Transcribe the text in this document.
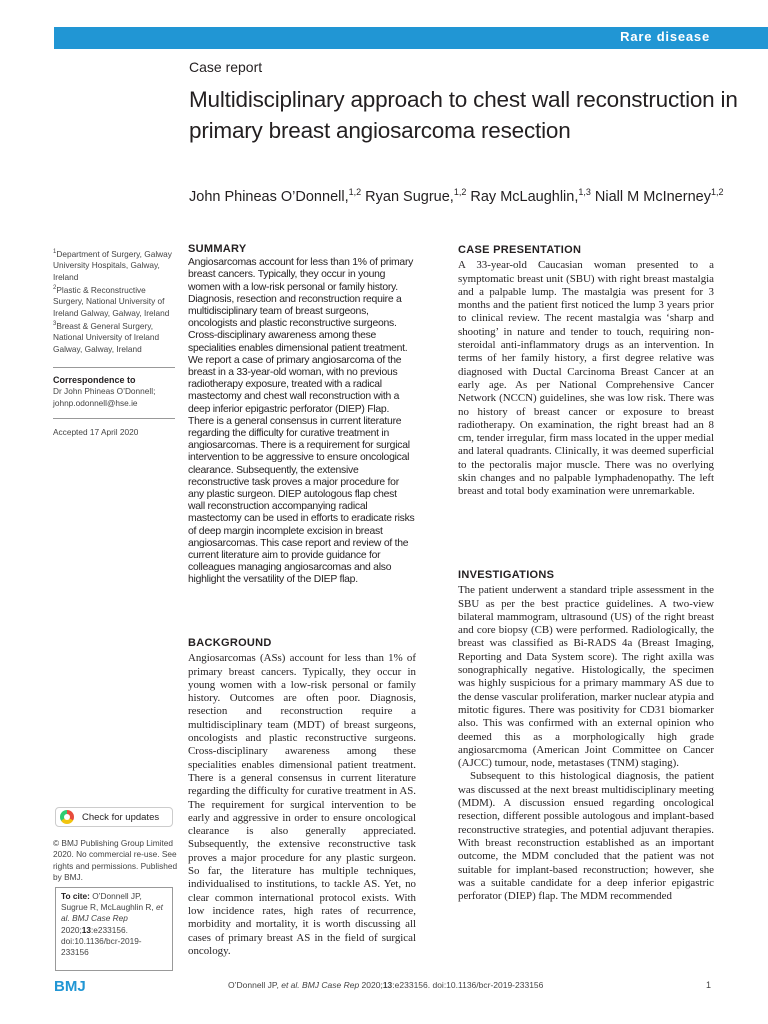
Rare disease
Case report
Multidisciplinary approach to chest wall reconstruction in primary breast angiosarcoma resection
John Phineas O’Donnell,$^{1,2}$ Ryan Sugrue,$^{1,2}$ Ray McLaughlin,$^{1,3}$ Niall M McInerney$^{1,2}$
$^1$Department of Surgery, Galway University Hospitals, Galway, Ireland
$^2$Plastic & Reconstructive Surgery, National University of Ireland Galway, Galway, Ireland
$^3$Breast & General Surgery, National University of Ireland Galway, Galway, Ireland
Correspondence to
Dr John Phineas O’Donnell;
johnp.odonnell@hse.ie
Accepted 17 April 2020
Check for updates
© BMJ Publishing Group Limited 2020. No commercial re-use. See rights and permissions. Published by BMJ.
To cite: O’Donnell JP, Sugrue R, McLaughlin R, et al. BMJ Case Rep 2020;13:e233156. doi:10.1136/bcr-2019-233156
SUMMARY
Angiosarcomas account for less than 1% of primary breast cancers. Typically, they occur in young women with a low-risk personal or family history. Diagnosis, resection and reconstruction require a multidisciplinary team of breast surgeons, oncologists and plastic reconstructive surgeons. Cross-disciplinary awareness among these specialities enables dimensional patient treatment. We report a case of primary angiosarcoma of the breast in a 33-year-old woman, with no previous radiotherapy exposure, treated with a radical mastectomy and chest wall reconstruction with a deep inferior epigastric perforator (DIEP) Flap. There is a general consensus in current literature regarding the difficulty for curative treatment in angiosarcomas. There is a requirement for surgical intervention to be aggressive to ensure oncological clearance. Subsequently, the extensive reconstructive task proves a major procedure for any plastic surgeon. DIEP autologous flap chest wall reconstruction accompanying radical mastectomy can be used in efforts to eradicate risks of deep margin incomplete excision in breast angiosarcomas. This case report and review of the current literature aim to provide guidance for colleagues managing angiosarcomas and also highlight the versatility of the DIEP flap.
BACKGROUND

Angiosarcomas (ASs) account for less than 1% of primary breast cancers. Typically, they occur in young women with a low-risk personal or family history. Outcomes are often poor. Diagnosis, resection and reconstruction require a multidisciplinary team (MDT) of breast surgeons, oncologists and plastic reconstructive surgeons. Cross-disciplinary awareness among these specialities enables dimensional patient treatment. There is a general consensus in current literature regarding the difficulty for curative treatment in AS. The requirement for surgical intervention to be early and aggressive in order to ensure oncological clearance is also generally appreciated. Subsequently, the extensive reconstructive task proves a major procedure for any plastic surgeon. So far, the literature has multiple techniques, individualised to institutions, to tackle AS. Yet, no clear common international protocol exists. With low incidence rates, high rates of recurrence, morbidity and mortality, it is worth discussing all cases of primary breast AS in the field of surgical oncology.

CASE PRESENTATION

A 33-year-old Caucasian woman presented to a symptomatic breast unit (SBU) with right breast mastalgia and a palpable lump. The mastalgia was present for 3 months and the patient first noticed the lump 3 years prior to clinical review. The recent mastalgia was ‘sharp and shooting’ in nature and tender to touch, requiring non-steroidal anti-inflammatory drugs as an intervention. In terms of her family history, a first degree relative was diagnosed with Ductal Carcinoma Breast Cancer at an early age. As per National Comprehensive Cancer Network (NCCN) guidelines, she was low risk. There was no history of breast cancer or exposure to breast radiotherapy. On examination, the right breast had an 8 cm, tender irregular, firm mass located in the upper medial and lateral quadrants. Clinically, it was deemed superficial to the pectoralis major muscle. There was no overlying skin changes and no palpable lymphadenopathy. The left breast and total body examination were unremarkable.

INVESTIGATIONS

The patient underwent a standard triple assessment in the SBU as per the best practice guidelines. A two-view bilateral mammogram, ultrasound (US) of the right breast and core biopsy (CB) were performed. Radiologically, the breast was classified as Bi-RADS 4a (Breast Imaging, Reporting and Data System score). The right axilla was sonographically negative. Histologically, the specimen was highly suspicious for a primary mammary AS due to the dense vascular proliferation, marker nuclear atypia and mitotic figures. There was positivity for CD31 biomarker also. This was confirmed with an external opinion who deemed this as a morphologically high grade angiosarcmoma (American Joint Committee on Cancer (AJCC) tumour, node, metastases (TNM) staging).

Subsequent to this histological diagnosis, the patient was discussed at the next breast multidisciplinary meeting (MDM). A discussion ensued regarding oncological resection, different possible autologous and implant-based reconstructive strategies, and potential adjuvant therapies. With breast reconstruction established as an important outcome, the MDM concluded that the patient was not suitable for implant-based reconstruction; however, she was a suitable candidate for a deep inferior epigastric perforator (DIEP) flap. The MDM recommended

BMJ	O’Donnell JP, et al. BMJ Case Rep 2020;13:e233156. doi:10.1136/bcr-2019-233156	1
